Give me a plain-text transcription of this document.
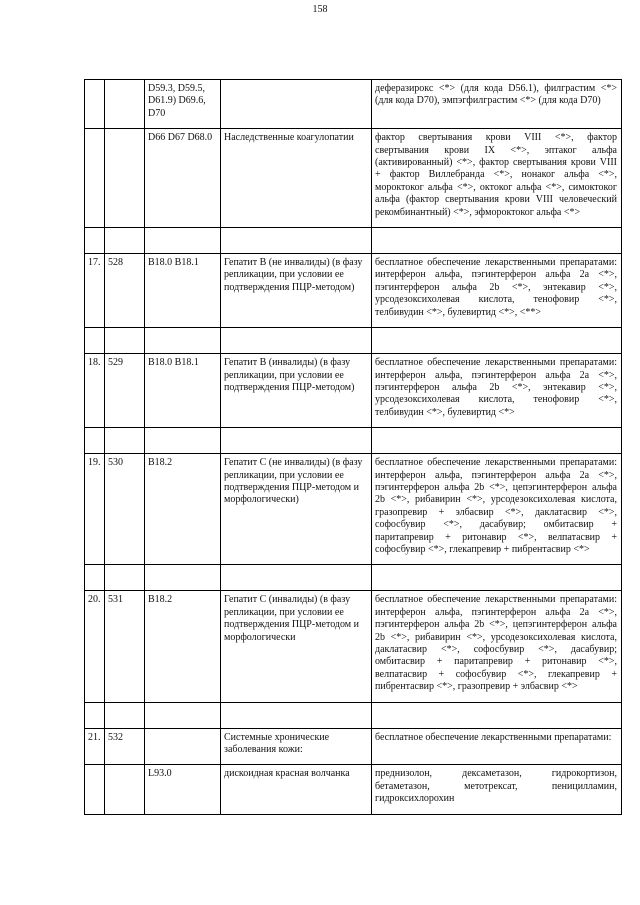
158
		D59.3, D59.5, D61.9) D69.6, D70		деферазирокс <*> (для кода D56.1), филграстим <*> (для кода D70), эмпэгфилграстим <*> (для кода D70)
		D66 D67 D68.0	Наследственные коагулопатии	фактор свертывания крови VIII <*>, фактор свертывания крови IX <*>, эптаког альфа (активированный) <*>, фактор свертывания крови VIII + фактор Виллебранда <*>, нонаког альфа <*>, мороктоког альфа <*>, октоког альфа <*>, симоктоког альфа (фактор свертывания крови VIII человеческий рекомбинантный) <*>, эфмороктоког альфа <*>

17.	528	B18.0 B18.1	Гепатит B (не инвалиды) (в фазу репликации, при условии ее подтверждения ПЦР-методом)	бесплатное обеспечение лекарственными препаратами: интерферон альфа, пэгинтерферон альфа 2а <*>, пэгинтерферон альфа 2b <*>, энтекавир <*>, урсодезоксихолевая кислота, тенофовир <*>, телбивудин <*>, булевиртид <*>, <**>

18.	529	B18.0 B18.1	Гепатит B (инвалиды) (в фазу репликации, при условии ее подтверждения ПЦР-методом)	бесплатное обеспечение лекарственными препаратами: интерферон альфа, пэгинтерферон альфа 2а <*>, пэгинтерферон альфа 2b <*>, энтекавир <*>, урсодезоксихолевая кислота, тенофовир <*>, телбивудин <*>, булевиртид <*>

19.	530	B18.2	Гепатит C (не инвалиды) (в фазу репликации, при условии ее подтверждения ПЦР-методом и морфологически)	бесплатное обеспечение лекарственными препаратами: интерферон альфа, пэгинтерферон альфа 2а <*>, пэгинтерферон альфа 2b <*>, цепэгинтерферон альфа 2b <*>, рибавирин <*>, урсодезоксихолевая кислота, гразопревир + элбасвир <*>, даклатасвир <*>, софосбувир <*>, дасабувир; омбитасвир + паритапревир + ритонавир <*>, велпатасвир + софосбувир <*>, глекапревир + пибрентасвир <*>

20.	531	B18.2	Гепатит C (инвалиды) (в фазу репликации, при условии ее подтверждения ПЦР-методом и морфологически	бесплатное обеспечение лекарственными препаратами: интерферон альфа, пэгинтерферон альфа 2а <*>, пэгинтерферон альфа 2b <*>, цепэгинтерферон альфа 2b <*>, рибавирин <*>, урсодезоксихолевая кислота, даклатасвир <*>, софосбувир <*>, дасабувир; омбитасвир + паритапревир + ритонавир <*>, велпатасвир + софосбувир <*>, глекапревир + пибрентасвир <*>, гразопревир + элбасвир <*>

21.	532		Системные хронические заболевания кожи:	бесплатное обеспечение лекарственными препаратами:
		L93.0	дискоидная красная волчанка	преднизолон, дексаметазон, гидрокортизон, бетаметазон, метотрексат, пеницилламин, гидроксихлорохин
